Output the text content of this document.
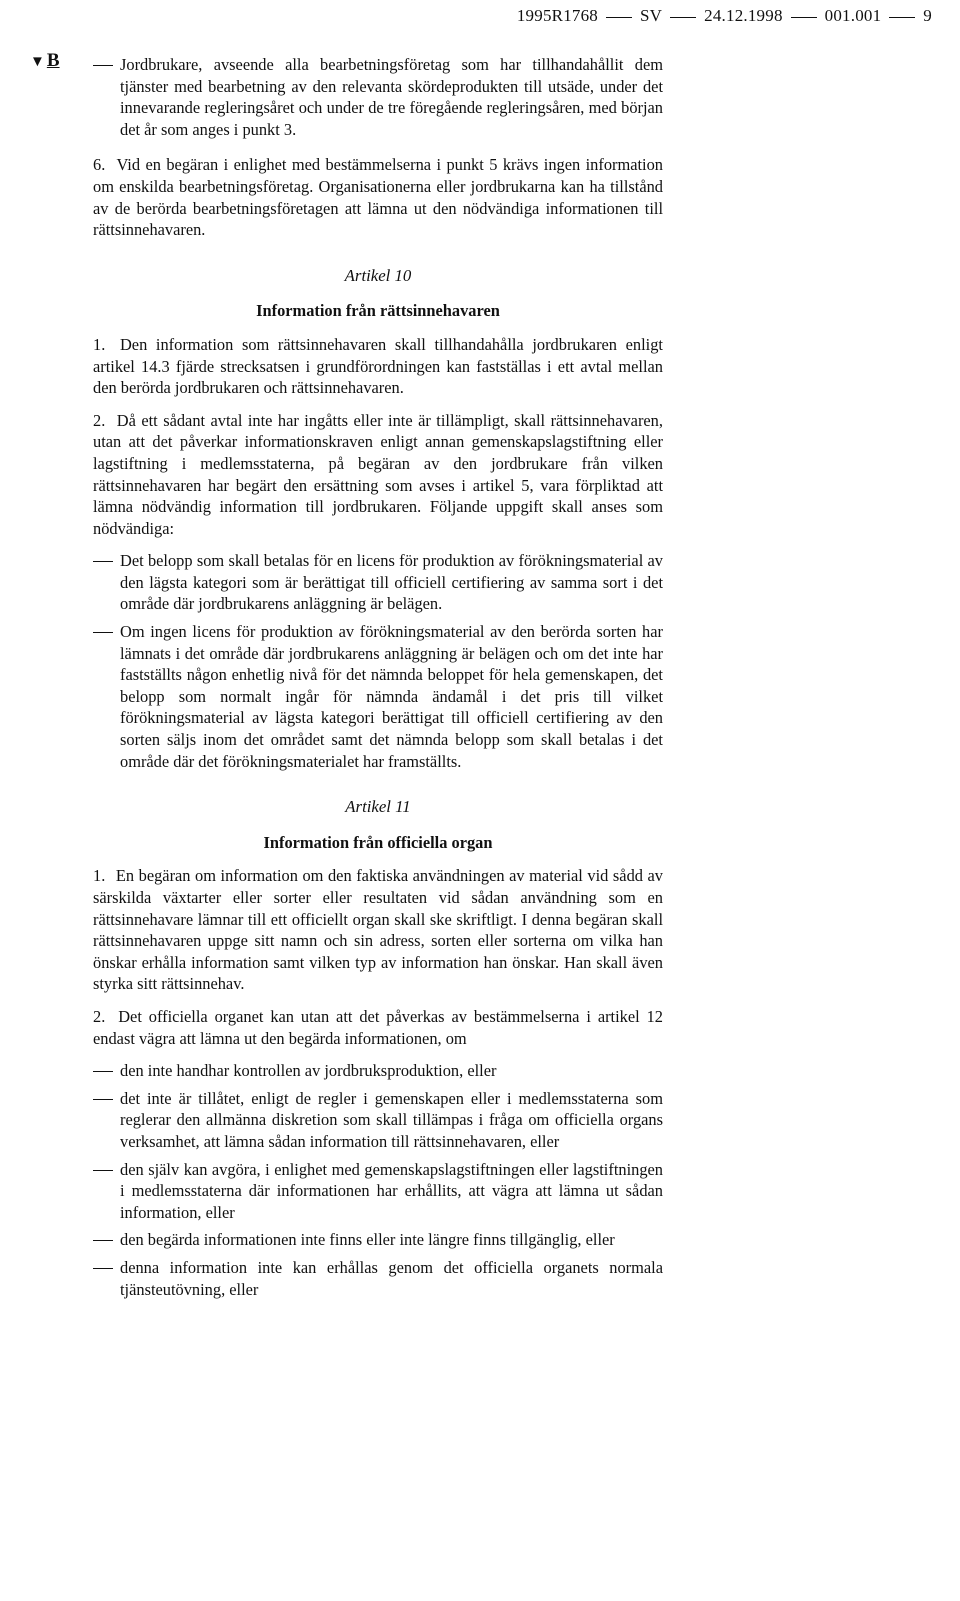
1995R1768 SV 24.12.1998 001.001 9
▼ B	Jordbrukare, avseende alla bearbetningsföretag som har tillhandahållit dem tjänster med bearbetning av den relevanta skördeprodukten till utsäde, under det innevarande regleringsåret och under de tre föregående regleringsåren, med början det år som anges i punkt 3.

6. Vid en begäran i enlighet med bestämmelserna i punkt 5 krävs ingen information om enskilda bearbetningsföretag. Organisationerna eller jordbrukarna kan ha tillstånd av de berörda bearbetningsföretagen att lämna ut den nödvändiga informationen till rättsinnehavaren.

Artikel 10
Information från rättsinnehavaren

1. Den information som rättsinnehavaren skall tillhandahålla jordbrukaren enligt artikel 14.3 fjärde strecksatsen i grundförordningen kan fastställas i ett avtal mellan den berörda jordbrukaren och rättsinnehavaren.

2. Då ett sådant avtal inte har ingåtts eller inte är tillämpligt, skall rättsinnehavaren, utan att det påverkar informationskraven enligt annan gemenskapslagstiftning eller lagstiftning i medlemsstaterna, på begäran av den jordbrukare från vilken rättsinnehavaren har begärt den ersättning som avses i artikel 5, vara förpliktad att lämna nödvändig information till jordbrukaren. Följande uppgift skall anses som nödvändiga:

Det belopp som skall betalas för en licens för produktion av förökningsmaterial av den lägsta kategori som är berättigat till officiell certifiering av samma sort i det område där jordbrukarens anläggning är belägen.
Om ingen licens för produktion av förökningsmaterial av den berörda sorten har lämnats i det område där jordbrukarens anläggning är belägen och om det inte har fastställts någon enhetlig nivå för det nämnda beloppet för hela gemenskapen, det belopp som normalt ingår för nämnda ändamål i det pris till vilket förökningsmaterial av lägsta kategori berättigat till officiell certifiering av den sorten säljs inom det området samt det nämnda belopp som skall betalas i det område där det förökningsmaterialet har framställts.
Artikel 11
Information från officiella organ

1. En begäran om information om den faktiska användningen av material vid sådd av särskilda växtarter eller sorter eller resultaten vid sådan användning som en rättsinnehavare lämnar till ett officiellt organ skall ske skriftligt. I denna begäran skall rättsinnehavaren uppge sitt namn och sin adress, sorten eller sorterna om vilka han önskar erhålla information samt vilken typ av information han önskar. Han skall även styrka sitt rättsinnehav.

2. Det officiella organet kan utan att det påverkas av bestämmelserna i artikel 12 endast vägra att lämna ut den begärda informationen, om

den inte handhar kontrollen av jordbruksproduktion, eller
det inte är tillåtet, enligt de regler i gemenskapen eller i medlemsstaterna som reglerar den allmänna diskretion som skall tillämpas i fråga om officiella organs verksamhet, att lämna sådan information till rättsinnehavaren, eller
den själv kan avgöra, i enlighet med gemenskapslagstiftningen eller lagstiftningen i medlemsstaterna där informationen har erhållits, att vägra att lämna ut sådan information, eller
den begärda informationen inte finns eller inte längre finns tillgänglig, eller
denna information inte kan erhållas genom det officiella organets normala tjänsteutövning, eller
